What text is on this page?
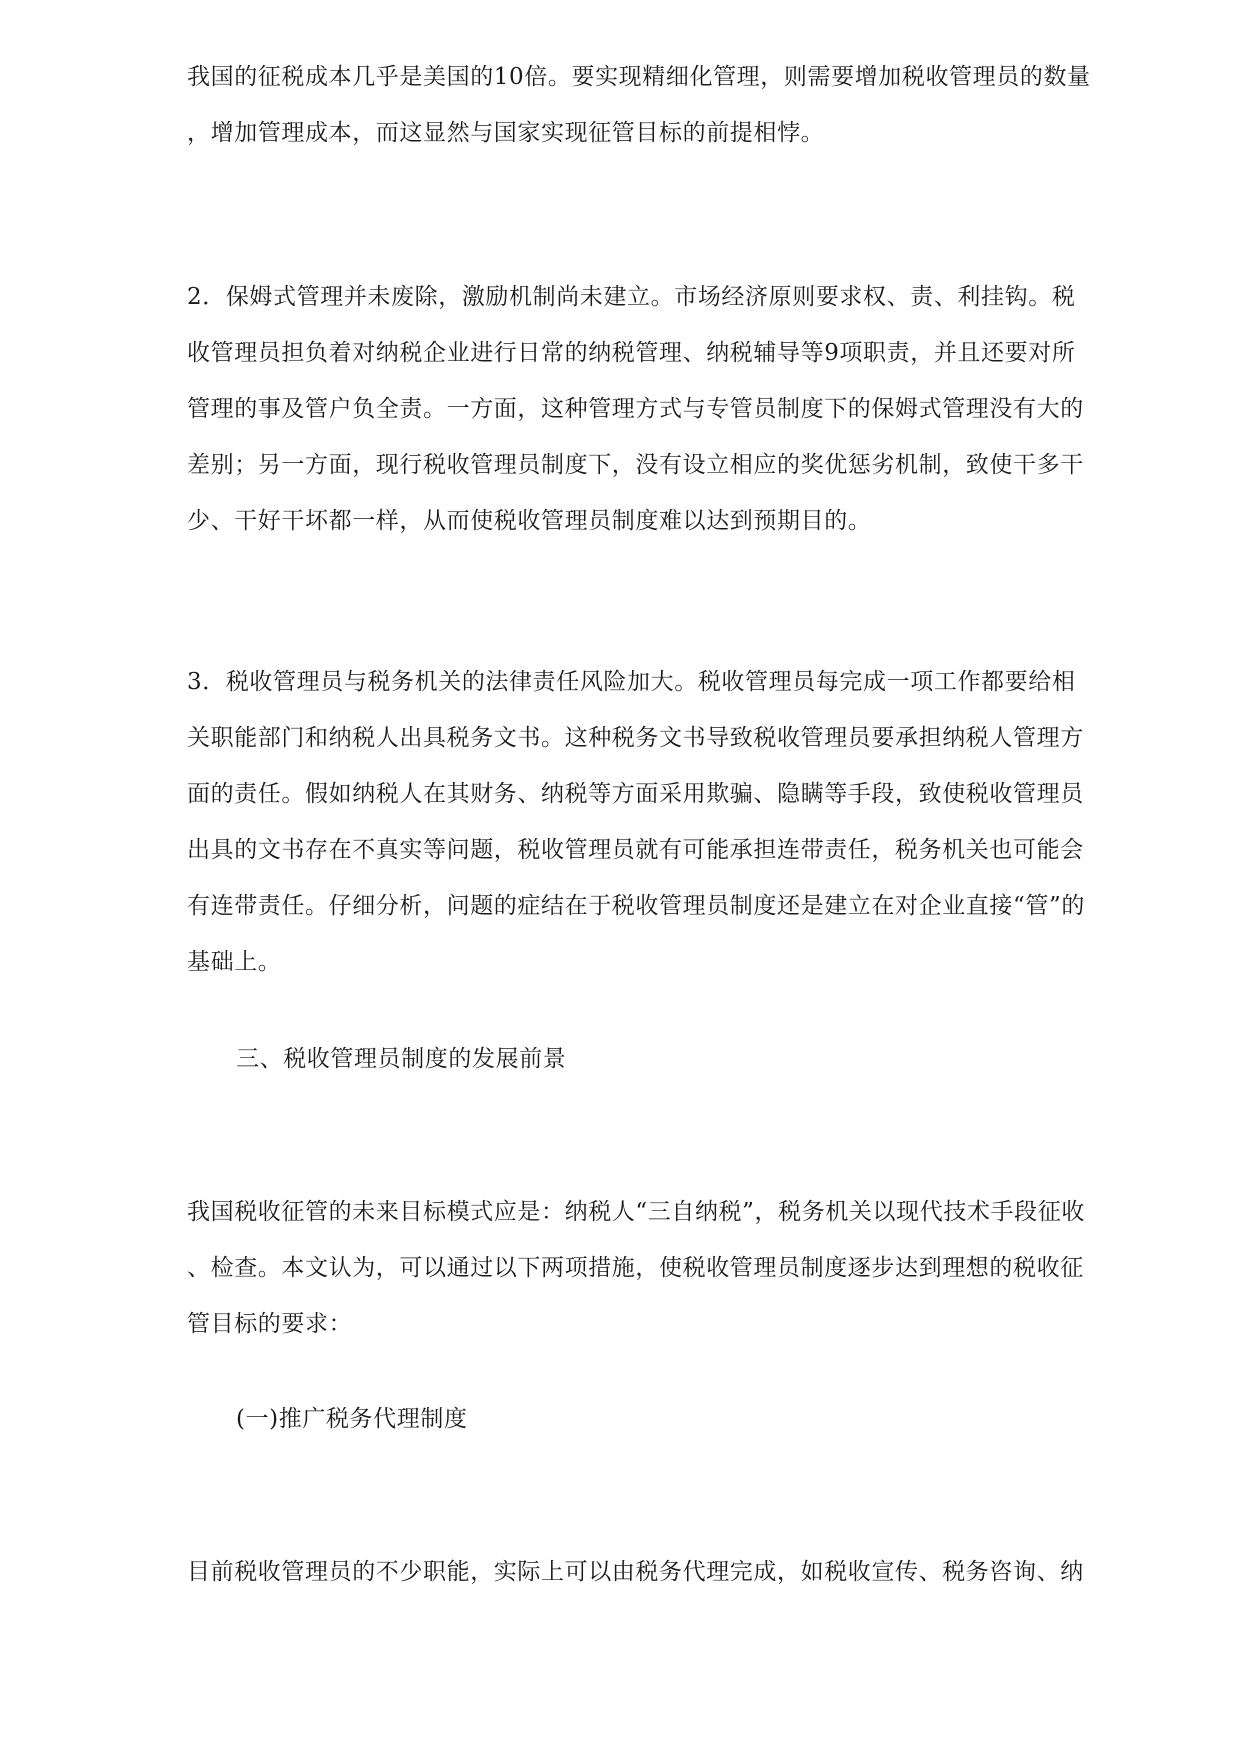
我国的征税成本几乎是美国的10倍。要实现精细化管理，则需要增加税收管理员的数量
，增加管理成本，而这显然与国家实现征管目标的前提相悖。
2．保姆式管理并未废除，激励机制尚未建立。市场经济原则要求权、责、利挂钩。税
收管理员担负着对纳税企业进行日常的纳税管理、纳税辅导等9项职责，并且还要对所
管理的事及管户负全责。一方面，这种管理方式与专管员制度下的保姆式管理没有大的
差别；另一方面，现行税收管理员制度下，没有设立相应的奖优惩劣机制，致使干多干
少、干好干坏都一样，从而使税收管理员制度难以达到预期目的。
3．税收管理员与税务机关的法律责任风险加大。税收管理员每完成一项工作都要给相
关职能部门和纳税人出具税务文书。这种税务文书导致税收管理员要承担纳税人管理方
面的责任。假如纳税人在其财务、纳税等方面采用欺骗、隐瞒等手段，致使税收管理员
出具的文书存在不真实等问题，税收管理员就有可能承担连带责任，税务机关也可能会
有连带责任。仔细分析，问题的症结在于税收管理员制度还是建立在对企业直接“管”的
基础上。
三、税收管理员制度的发展前景
我国税收征管的未来目标模式应是：纳税人“三自纳税”，税务机关以现代技术手段征收
、检查。本文认为，可以通过以下两项措施，使税收管理员制度逐步达到理想的税收征
管目标的要求：
(一)推广税务代理制度
目前税收管理员的不少职能，实际上可以由税务代理完成，如税收宣传、税务咨询、纳
